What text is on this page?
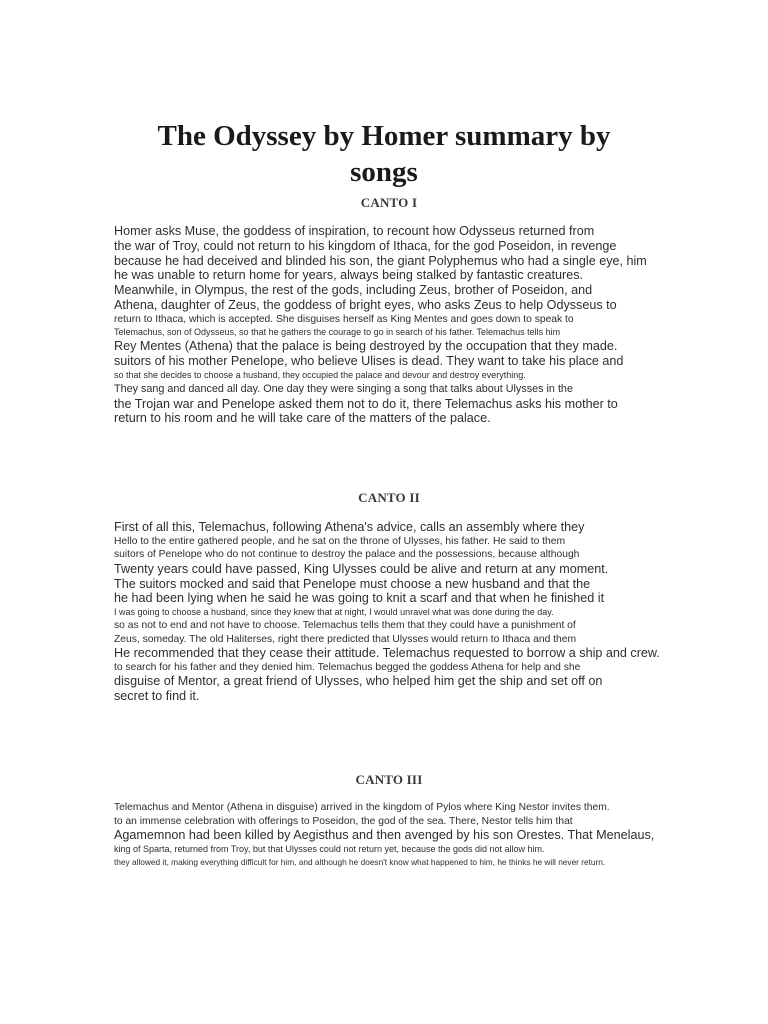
The Odyssey by Homer summary by
songs
CANTO I
Homer asks Muse, the goddess of inspiration, to recount how Odysseus returned from
the war of Troy, could not return to his kingdom of Ithaca, for the god Poseidon, in revenge
because he had deceived and blinded his son, the giant Polyphemus who had a single eye, him
he was unable to return home for years, always being stalked by fantastic creatures.
Meanwhile, in Olympus, the rest of the gods, including Zeus, brother of Poseidon, and
Athena, daughter of Zeus, the goddess of bright eyes, who asks Zeus to help Odysseus to
return to Ithaca, which is accepted. She disguises herself as King Mentes and goes down to speak to
Telemachus, son of Odysseus, so that he gathers the courage to go in search of his father. Telemachus tells him
Rey Mentes (Athena) that the palace is being destroyed by the occupation that they made.
suitors of his mother Penelope, who believe Ulises is dead. They want to take his place and
so that she decides to choose a husband, they occupied the palace and devour and destroy everything.
They sang and danced all day. One day they were singing a song that talks about Ulysses in the
the Trojan war and Penelope asked them not to do it, there Telemachus asks his mother to
return to his room and he will take care of the matters of the palace.
CANTO II
First of all this, Telemachus, following Athena's advice, calls an assembly where they
Hello to the entire gathered people, and he sat on the throne of Ulysses, his father. He said to them
suitors of Penelope who do not continue to destroy the palace and the possessions, because although
Twenty years could have passed, King Ulysses could be alive and return at any moment.
The suitors mocked and said that Penelope must choose a new husband and that the
he had been lying when he said he was going to knit a scarf and that when he finished it
I was going to choose a husband, since they knew that at night, I would unravel what was done during the day.
so as not to end and not have to choose. Telemachus tells them that they could have a punishment of
Zeus, someday. The old Haliterses, right there predicted that Ulysses would return to Ithaca and them
He recommended that they cease their attitude. Telemachus requested to borrow a ship and crew.
to search for his father and they denied him. Telemachus begged the goddess Athena for help and she
disguise of Mentor, a great friend of Ulysses, who helped him get the ship and set off on
secret to find it.
CANTO III
Telemachus and Mentor (Athena in disguise) arrived in the kingdom of Pylos where King Nestor invites them.
to an immense celebration with offerings to Poseidon, the god of the sea. There, Nestor tells him that
Agamemnon had been killed by Aegisthus and then avenged by his son Orestes. That Menelaus,
king of Sparta, returned from Troy, but that Ulysses could not return yet, because the gods did not allow him.
they allowed it, making everything difficult for him, and although he doesn't know what happened to him, he thinks he will never return.
